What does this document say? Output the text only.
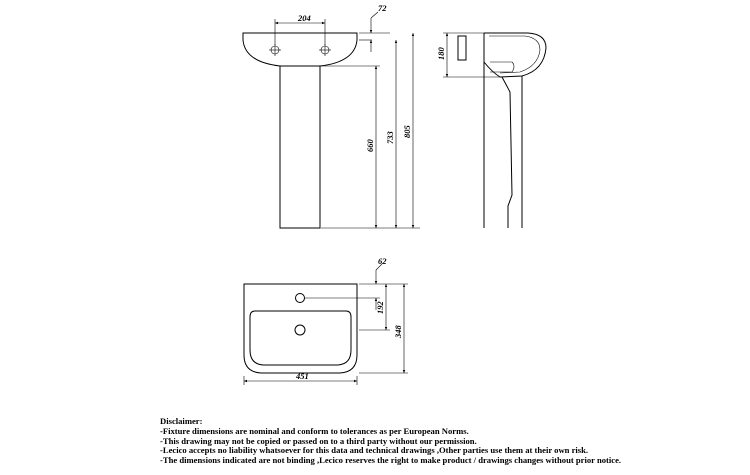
204
72
660
733 805
180
62
192
348
451
Disclaimer:
-Fixture dimensions are nominal and conform to tolerances as per European Norms.
-This drawing may not be copied or passed on to a third party without our permission.
-Lecico accepts no liability whatsoever for this data and technical drawings ,Other parties use them at their own risk.
-The dimensions indicated are not binding ,Lecico reserves the right to make product / drawings changes without prior notice.
